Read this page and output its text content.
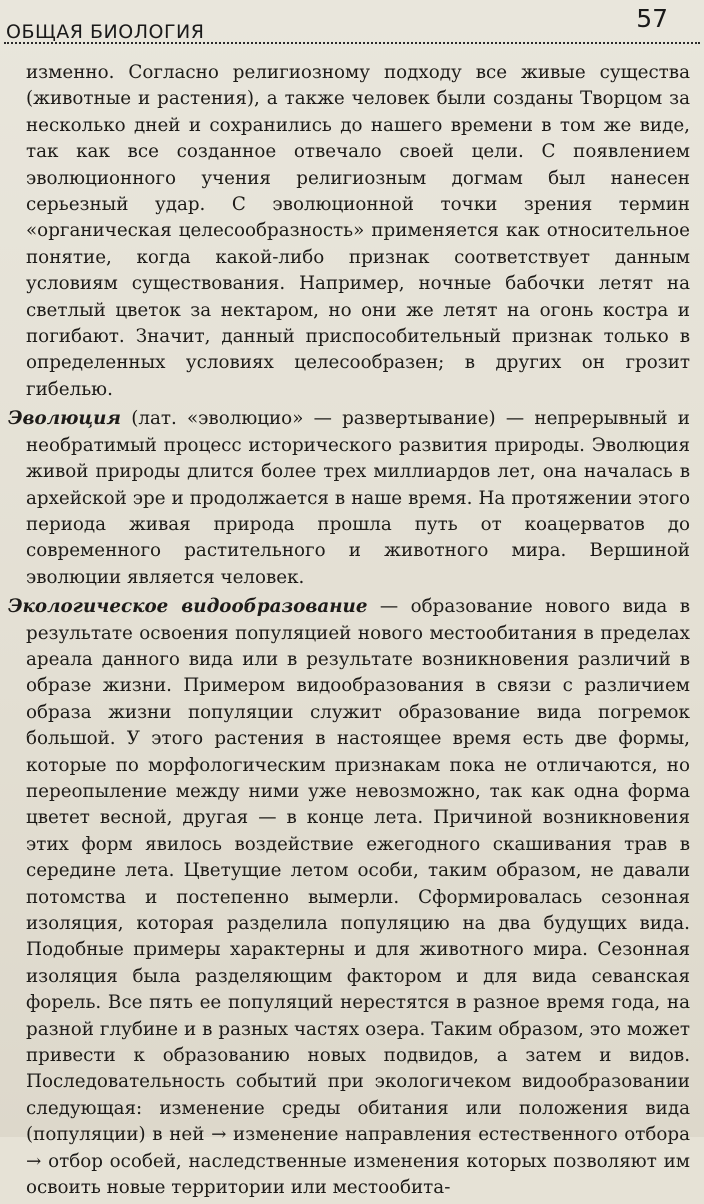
ОБЩАЯ БИОЛОГИЯ	57

изменно. Согласно религиозному подходу все живые существа (животные и растения), а также человек были созданы Творцом за несколько дней и сохранились до нашего времени в том же виде, так как все созданное отвечало своей цели. С появлением эволюционного учения религиозным догмам был нанесен серьезный удар. С эволюционной точки зрения термин «органическая целесообразность» применяется как относительное понятие, когда какой-либо признак соответствует данным условиям существования. Например, ночные бабочки летят на светлый цветок за нектаром, но они же летят на огонь костра и погибают. Значит, данный приспособительный признак только в определенных условиях целесообразен; в других он грозит гибелью.

Эволюция (лат. «эволюцио» — развертывание) — непрерывный и необратимый процесс исторического развития природы. Эволюция живой природы длится более трех миллиардов лет, она началась в архейской эре и продолжается в наше время. На протяжении этого периода живая природа прошла путь от коацерватов до современного растительного и животного мира. Вершиной эволюции является человек.

Экологическое видообразование — образование нового вида в результате освоения популяцией нового местообитания в пределах ареала данного вида или в результате возникновения различий в образе жизни. Примером видообразования в связи с различием образа жизни популяции служит образование вида погремок большой. У этого растения в настоящее время есть две формы, которые по морфологическим признакам пока не отличаются, но переопыление между ними уже невозможно, так как одна форма цветет весной, другая — в конце лета. Причиной возникновения этих форм явилось воздействие ежегодного скашивания трав в середине лета. Цветущие летом особи, таким образом, не давали потомства и постепенно вымерли. Сформировалась сезонная изоляция, которая разделила популяцию на два будущих вида. Подобные примеры характерны и для животного мира. Сезонная изоляция была разделяющим фактором и для вида севанская форель. Все пять ее популяций нерестятся в разное время года, на разной глубине и в разных частях озера. Таким образом, это может привести к образованию новых подвидов, а затем и видов. Последовательность событий при экологичеком видообразовании следующая: изменение среды обитания или положения вида (популяции) в ней → изменение направления естественного отбора → отбор особей, наследственные изменения которых позволяют им освоить новые территории или местообита-
